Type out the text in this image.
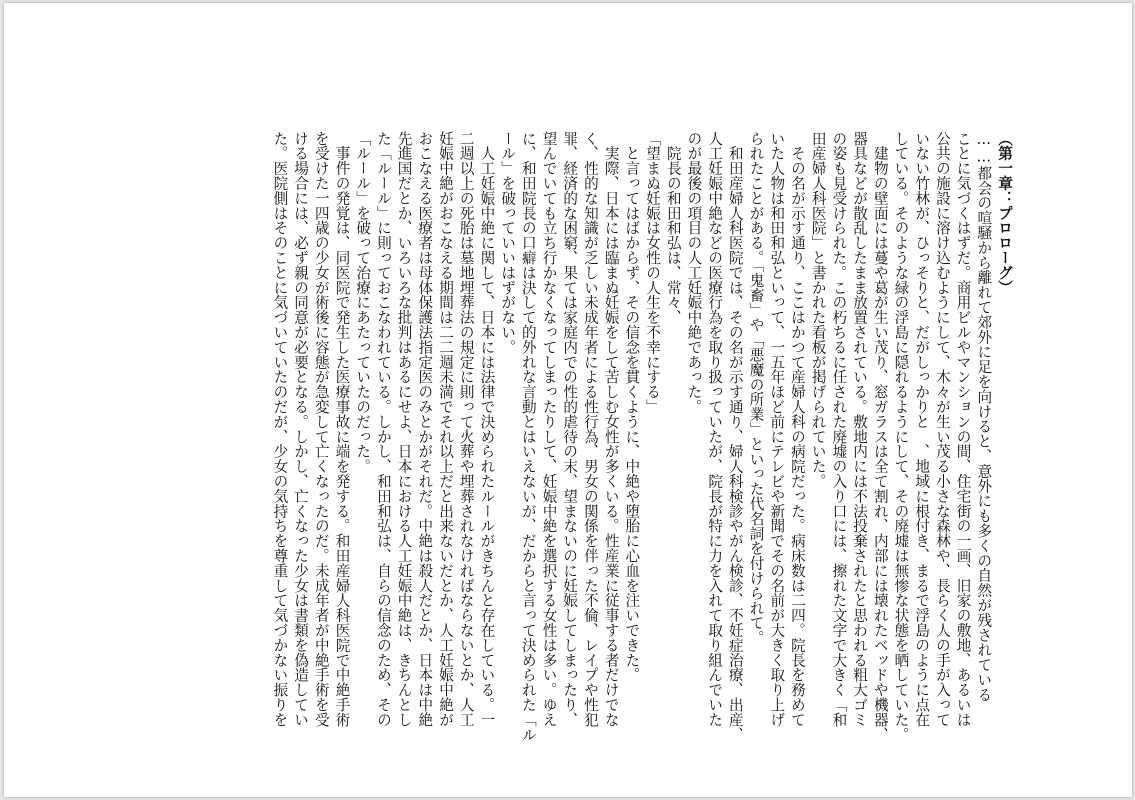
（第一章：プロローグ）

……都会の喧騒から離れて郊外に足を向けると、意外にも多くの自然が残されている

ことに気づくはずだ。商用ビルやマンションの間、住宅街の一画、旧家の敷地、あるいは

公共の施設に溶け込むようにして、木々が生い茂る小さな森林や、長らく人の手が入って

いない竹林が、ひっそりと、だがしっかりと　、地域に根付き、まるで浮島のように点在

している。そのような緑の浮島に隠れるようにして、その廃墟は無惨な状態を晒していた。

　建物の壁面には蔓や葛が生い茂り、窓ガラスは全て割れ、内部には壊れたベッドや機器、

器具などが散乱したまま放置されている。敷地内には不法投棄されたと思われる粗大ゴミ

の姿も見受けられた。この朽ちるに任された廃墟の入り口には、擦れた文字で大きく「和

田産婦人科医院」と書かれた看板が掲げられていた。

　その名が示す通り、ここはかつて産婦人科の病院だった。病床数は二四。院長を務めて

いた人物は和田和弘といって、一五年ほど前にテレビや新聞でその名前が大きく取り上げ

られたことがある。「鬼畜」や「悪魔の所業」といった代名詞を付けられて。

　和田産婦人科医院では、その名が示す通り、婦人科検診やがん検診、不妊症治療、出産、

人工妊娠中絶などの医療行為を取り扱っていたが、院長が特に力を入れて取り組んでいた

のが最後の項目の人工妊娠中絶であった。

　院長の和田和弘は、常々、

「望まぬ妊娠は女性の人生を不幸にする」

　と言ってはばからず、その信念を貫くように、中絶や堕胎に心血を注いできた。

　実際、日本には臨まぬ妊娠をして苦しむ女性が多くいる。性産業に従事する者だけでな

く、性的な知識が乏しい未成年者による性行為、男女の関係を伴った不倫、レイプや性犯

罪、経済的な困窮、果ては家庭内での性的虐待の末、望まないのに妊娠してしまったり、

望んでいても立ち行かなくなってしまったりして、妊娠中絶を選択する女性は多い。ゆえ

に、和田院長の口癖は決して的外れな言動とはいえないが、だからと言って決められた「ル

ール」を破っていいはずがない。

　人工妊娠中絶に関して、日本には法律で決められたルールがきちんと存在している。一

二週以上の死胎は墓地埋葬法の規定に則って火葬や埋葬されなければならないとか、人工

妊娠中絶がおこなえる期間は二二週未満でそれ以上だと出来ないだとか、人工妊娠中絶が

おこなえる医療者は母体保護法指定医のみとかがそれだ。中絶は殺人だとか、日本は中絶

先進国だとか、いろいろな批判はあるにせよ、日本における人工妊娠中絶は、きちんとし

た「ルール」に則っておこなわれている。しかし、和田和弘は、自らの信念のため、その

「ルール」を破って治療にあたっていたのだった。

　事件の発覚は、同医院で発生した医療事故に端を発する。和田産婦人科医院で中絶手術

を受けた一四歳の少女が術後に容態が急変して亡くなったのだ。未成年者が中絶手術を受

ける場合には、必ず親の同意が必要となる。しかし、亡くなった少女は書類を偽造してい

た。医院側はそのことに気づいていたのだが、少女の気持ちを尊重して気づかない振りを
